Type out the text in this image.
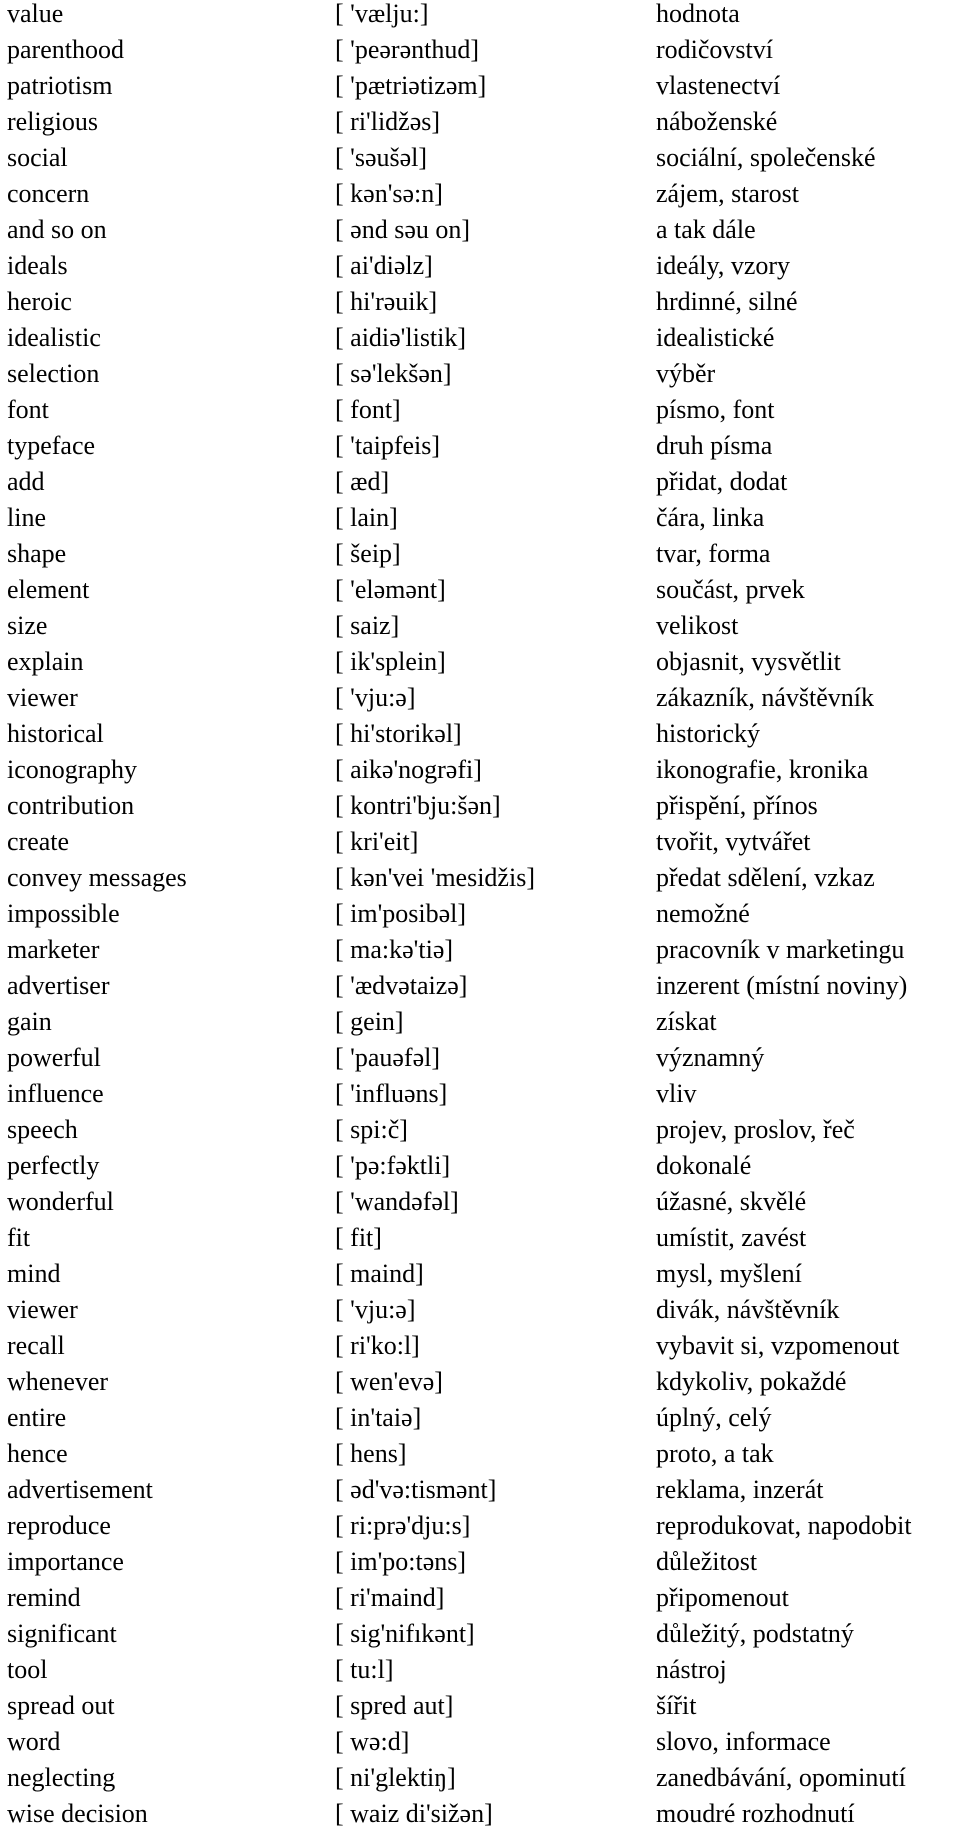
value	[ 'vælju:]	hodnota
parenthood	[ 'peərənthud]	rodičovství
patriotism	[ 'pætriətizəm]	vlastenectví
religious	[ ri'lidžəs]	náboženské
social	[ 'səušəl]	sociální, společenské
concern	[ kən'sə:n]	zájem, starost
and so on	[ ənd səu on]	a tak dále
ideals	[ ai'diəlz]	ideály, vzory
heroic	[ hi'rəuik]	hrdinné, silné
idealistic	[ aidiə'listik]	idealistické
selection	[ sə'lekšən]	výběr
font	[ font]	písmo, font
typeface	[ 'taipfeis]	druh písma
add	[ æd]	přidat, dodat
line	[ lain]	čára, linka
shape	[ šeip]	tvar, forma
element	[ 'eləmənt]	součást, prvek
size	[ saiz]	velikost
explain	[ ik'splein]	objasnit, vysvětlit
viewer	[ 'vju:ə]	zákazník, návštěvník
historical	[ hi'storikəl]	historický
iconography	[ aikə'nogrəfi]	ikonografie, kronika
contribution	[ kontri'bju:šən]	přispění, přínos
create	[ kri'eit]	tvořit, vytvářet
convey messages	[ kən'vei 'mesidžis]	předat sdělení, vzkaz
impossible	[ im'posibəl]	nemožné
marketer	[ ma:kə'tiə]	pracovník v marketingu
advertiser	[ 'ædvətaizə]	inzerent (místní noviny)
gain	[ gein]	získat
powerful	[ 'pauəfəl]	významný
influence	[ 'influəns]	vliv
speech	[ spi:č]	projev, proslov, řeč
perfectly	[ 'pə:fəktli]	dokonalé
wonderful	[ 'wandəfəl]	úžasné, skvělé
fit	[ fit]	umístit, zavést
mind	[ maind]	mysl, myšlení
viewer	[ 'vju:ə]	divák, návštěvník
recall	[ ri'ko:l]	vybavit si, vzpomenout
whenever	[ wen'evə]	kdykoliv, pokaždé
entire	[ in'taiə]	úplný, celý
hence	[ hens]	proto, a tak
advertisement	[ əd'və:tismənt]	reklama, inzerát
reproduce	[ ri:prə'dju:s]	reprodukovat, napodobit
importance	[ im'po:təns]	důležitost
remind	[ ri'maind]	připomenout
significant	[ sig'nifıkənt]	důležitý, podstatný
tool	[ tu:l]	nástroj
spread out	[ spred aut]	šířit
word	[ wə:d]	slovo, informace
neglecting	[ ni'glektiŋ]	zanedbávání, opominutí
wise decision	[ waiz di'sižən]	moudré rozhodnutí
